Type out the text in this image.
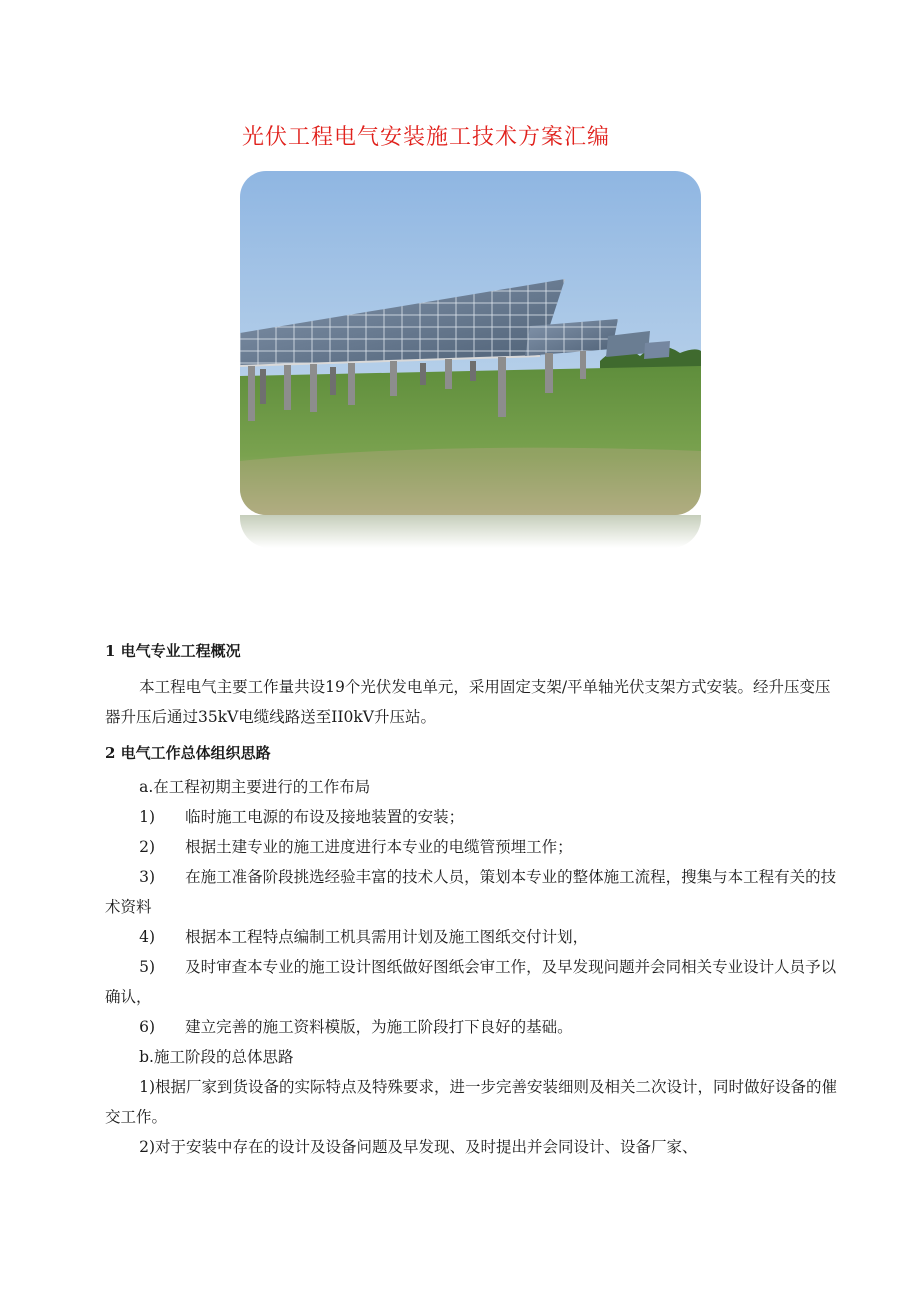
光伏工程电气安装施工技术方案汇编

1 电气专业工程概况

本工程电气主要工作量共设19个光伏发电单元，采用固定支架/平单轴光伏支架方式安装。经升压变压器升压后通过35kV电缆线路送至II0kV升压站。

2 电气工作总体组织思路

a.在工程初期主要进行的工作布局

1) 临时施工电源的布设及接地装置的安装；

2) 根据土建专业的施工进度进行本专业的电缆管预埋工作；

3) 在施工准备阶段挑选经验丰富的技术人员，策划本专业的整体施工流程，搜集与本工程有关的技术资料

4) 根据本工程特点编制工机具需用计划及施工图纸交付计划，

5) 及时审查本专业的施工设计图纸做好图纸会审工作，及早发现问题并会同相关专业设计人员予以确认，

6) 建立完善的施工资料模版，为施工阶段打下良好的基础。

b.施工阶段的总体思路

1)根据厂家到货设备的实际特点及特殊要求，进一步完善安装细则及相关二次设计，同时做好设备的催交工作。

2)对于安装中存在的设计及设备问题及早发现、及时提出并会同设计、设备厂家、
